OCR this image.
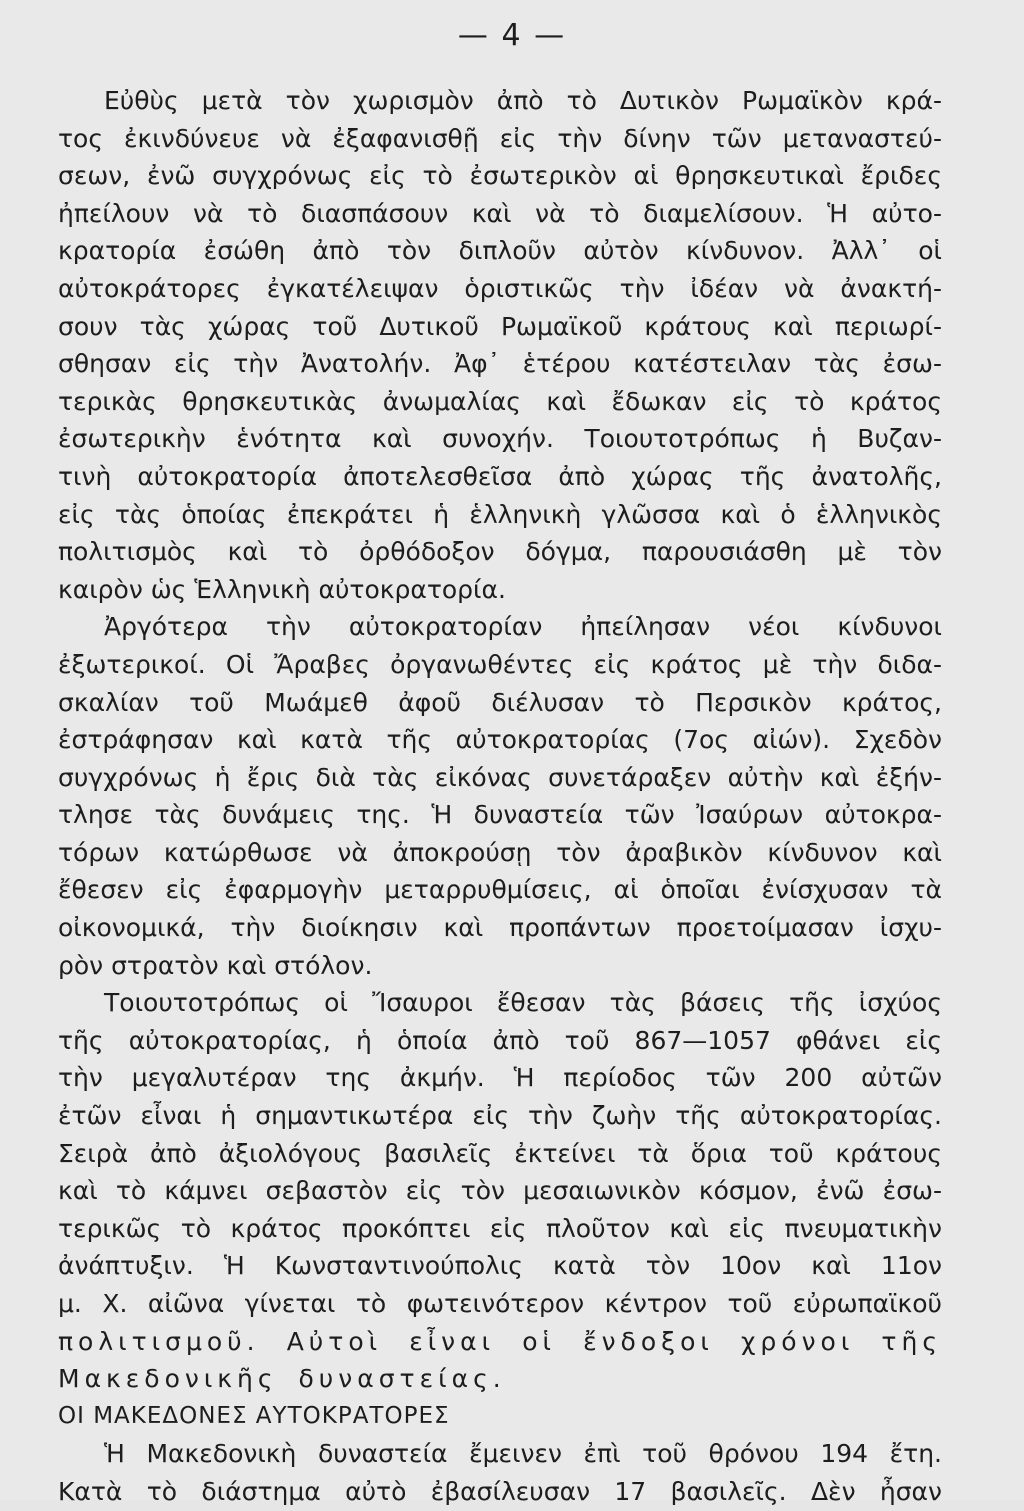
— 4 —
Εὐθὺς μετὰ τὸν χωρισμὸν ἀπὸ τὸ Δυτικὸν Ρωμαϊκὸν κρά-
τος ἐκινδύνευε νὰ ἐξαφανισθῇ εἰς τὴν δίνην τῶν μεταναστεύ-
σεων, ἐνῶ συγχρόνως εἰς τὸ ἐσωτερικὸν αἱ θρησκευτικαὶ ἔριδες
ἠπείλουν νὰ τὸ διασπάσουν καὶ νὰ τὸ διαμελίσουν. Ἡ αὐτο-
κρατορία ἐσώθη ἀπὸ τὸν διπλοῦν αὐτὸν κίνδυνον. Ἀλλ᾽ οἱ
αὐτοκράτορες ἐγκατέλειψαν ὁριστικῶς τὴν ἰδέαν νὰ ἀνακτή-
σουν τὰς χώρας τοῦ Δυτικοῦ Ρωμαϊκοῦ κράτους καὶ περιωρί-
σθησαν εἰς τὴν Ἀνατολήν. Ἀφ᾽ ἑτέρου κατέστειλαν τὰς ἐσω-
τερικὰς θρησκευτικὰς ἀνωμαλίας καὶ ἔδωκαν εἰς τὸ κράτος
ἐσωτερικὴν ἑνότητα καὶ συνοχήν. Τοιουτοτρόπως ἡ Βυζαν-
τινὴ αὐτοκρατορία ἀποτελεσθεῖσα ἀπὸ χώρας τῆς ἀνατολῆς,
εἰς τὰς ὁποίας ἐπεκράτει ἡ ἑλληνικὴ γλῶσσα καὶ ὁ ἑλληνικὸς
πολιτισμὸς καὶ τὸ ὀρθόδοξον δόγμα, παρουσιάσθη μὲ τὸν
καιρὸν ὡς Ἑλληνικὴ αὐτοκρατορία.
Ἀργότερα τὴν αὐτοκρατορίαν ἠπείλησαν νέοι κίνδυνοι
ἐξωτερικοί. Οἱ Ἄραβες ὀργανωθέντες εἰς κράτος μὲ τὴν διδα-
σκαλίαν τοῦ Μωάμεθ ἀφοῦ διέλυσαν τὸ Περσικὸν κράτος,
ἐστράφησαν καὶ κατὰ τῆς αὐτοκρατορίας (7ος αἰών). Σχεδὸν
συγχρόνως ἡ ἔρις διὰ τὰς εἰκόνας συνετάραξεν αὐτὴν καὶ ἐξήν-
τλησε τὰς δυνάμεις της. Ἡ δυναστεία τῶν Ἰσαύρων αὐτοκρα-
τόρων κατώρθωσε νὰ ἀποκρούσῃ τὸν ἀραβικὸν κίνδυνον καὶ
ἔθεσεν εἰς ἐφαρμογὴν μεταρρυθμίσεις, αἱ ὁποῖαι ἐνίσχυσαν τὰ
οἰκονομικά, τὴν διοίκησιν καὶ προπάντων προετοίμασαν ἰσχυ-
ρὸν στρατὸν καὶ στόλον.
Τοιουτοτρόπως οἱ Ἴσαυροι ἔθεσαν τὰς βάσεις τῆς ἰσχύος
τῆς αὐτοκρατορίας, ἡ ὁποία ἀπὸ τοῦ 867—1057 φθάνει εἰς
τὴν μεγαλυτέραν της ἀκμήν. Ἡ περίοδος τῶν 200 αὐτῶν
ἐτῶν εἶναι ἡ σημαντικωτέρα εἰς τὴν ζωὴν τῆς αὐτοκρατορίας.
Σειρὰ ἀπὸ ἀξιολόγους βασιλεῖς ἐκτείνει τὰ ὅρια τοῦ κράτους
καὶ τὸ κάμνει σεβαστὸν εἰς τὸν μεσαιωνικὸν κόσμον, ἐνῶ ἐσω-
τερικῶς τὸ κράτος προκόπτει εἰς πλοῦτον καὶ εἰς πνευματικὴν
ἀνάπτυξιν. Ἡ Κωνσταντινούπολις κατὰ τὸν 10ον καὶ 11ον
μ. Χ. αἰῶνα γίνεται τὸ φωτεινότερον κέντρον τοῦ εὐρωπαϊκοῦ
πολιτισμοῦ. Αὐτοὶ εἶναι οἱ ἔνδοξοι χρόνοι τῆς
Μακεδονικῆς δυναστείας.
ΟΙ ΜΑΚΕΔΟΝΕΣ ΑΥΤΟΚΡΑΤΟΡΕΣ
Ἡ Μακεδονικὴ δυναστεία ἔμεινεν ἐπὶ τοῦ θρόνου 194 ἔτη.
Κατὰ τὸ διάστημα αὐτὸ ἐβασίλευσαν 17 βασιλεῖς. Δὲν ἦσαν
